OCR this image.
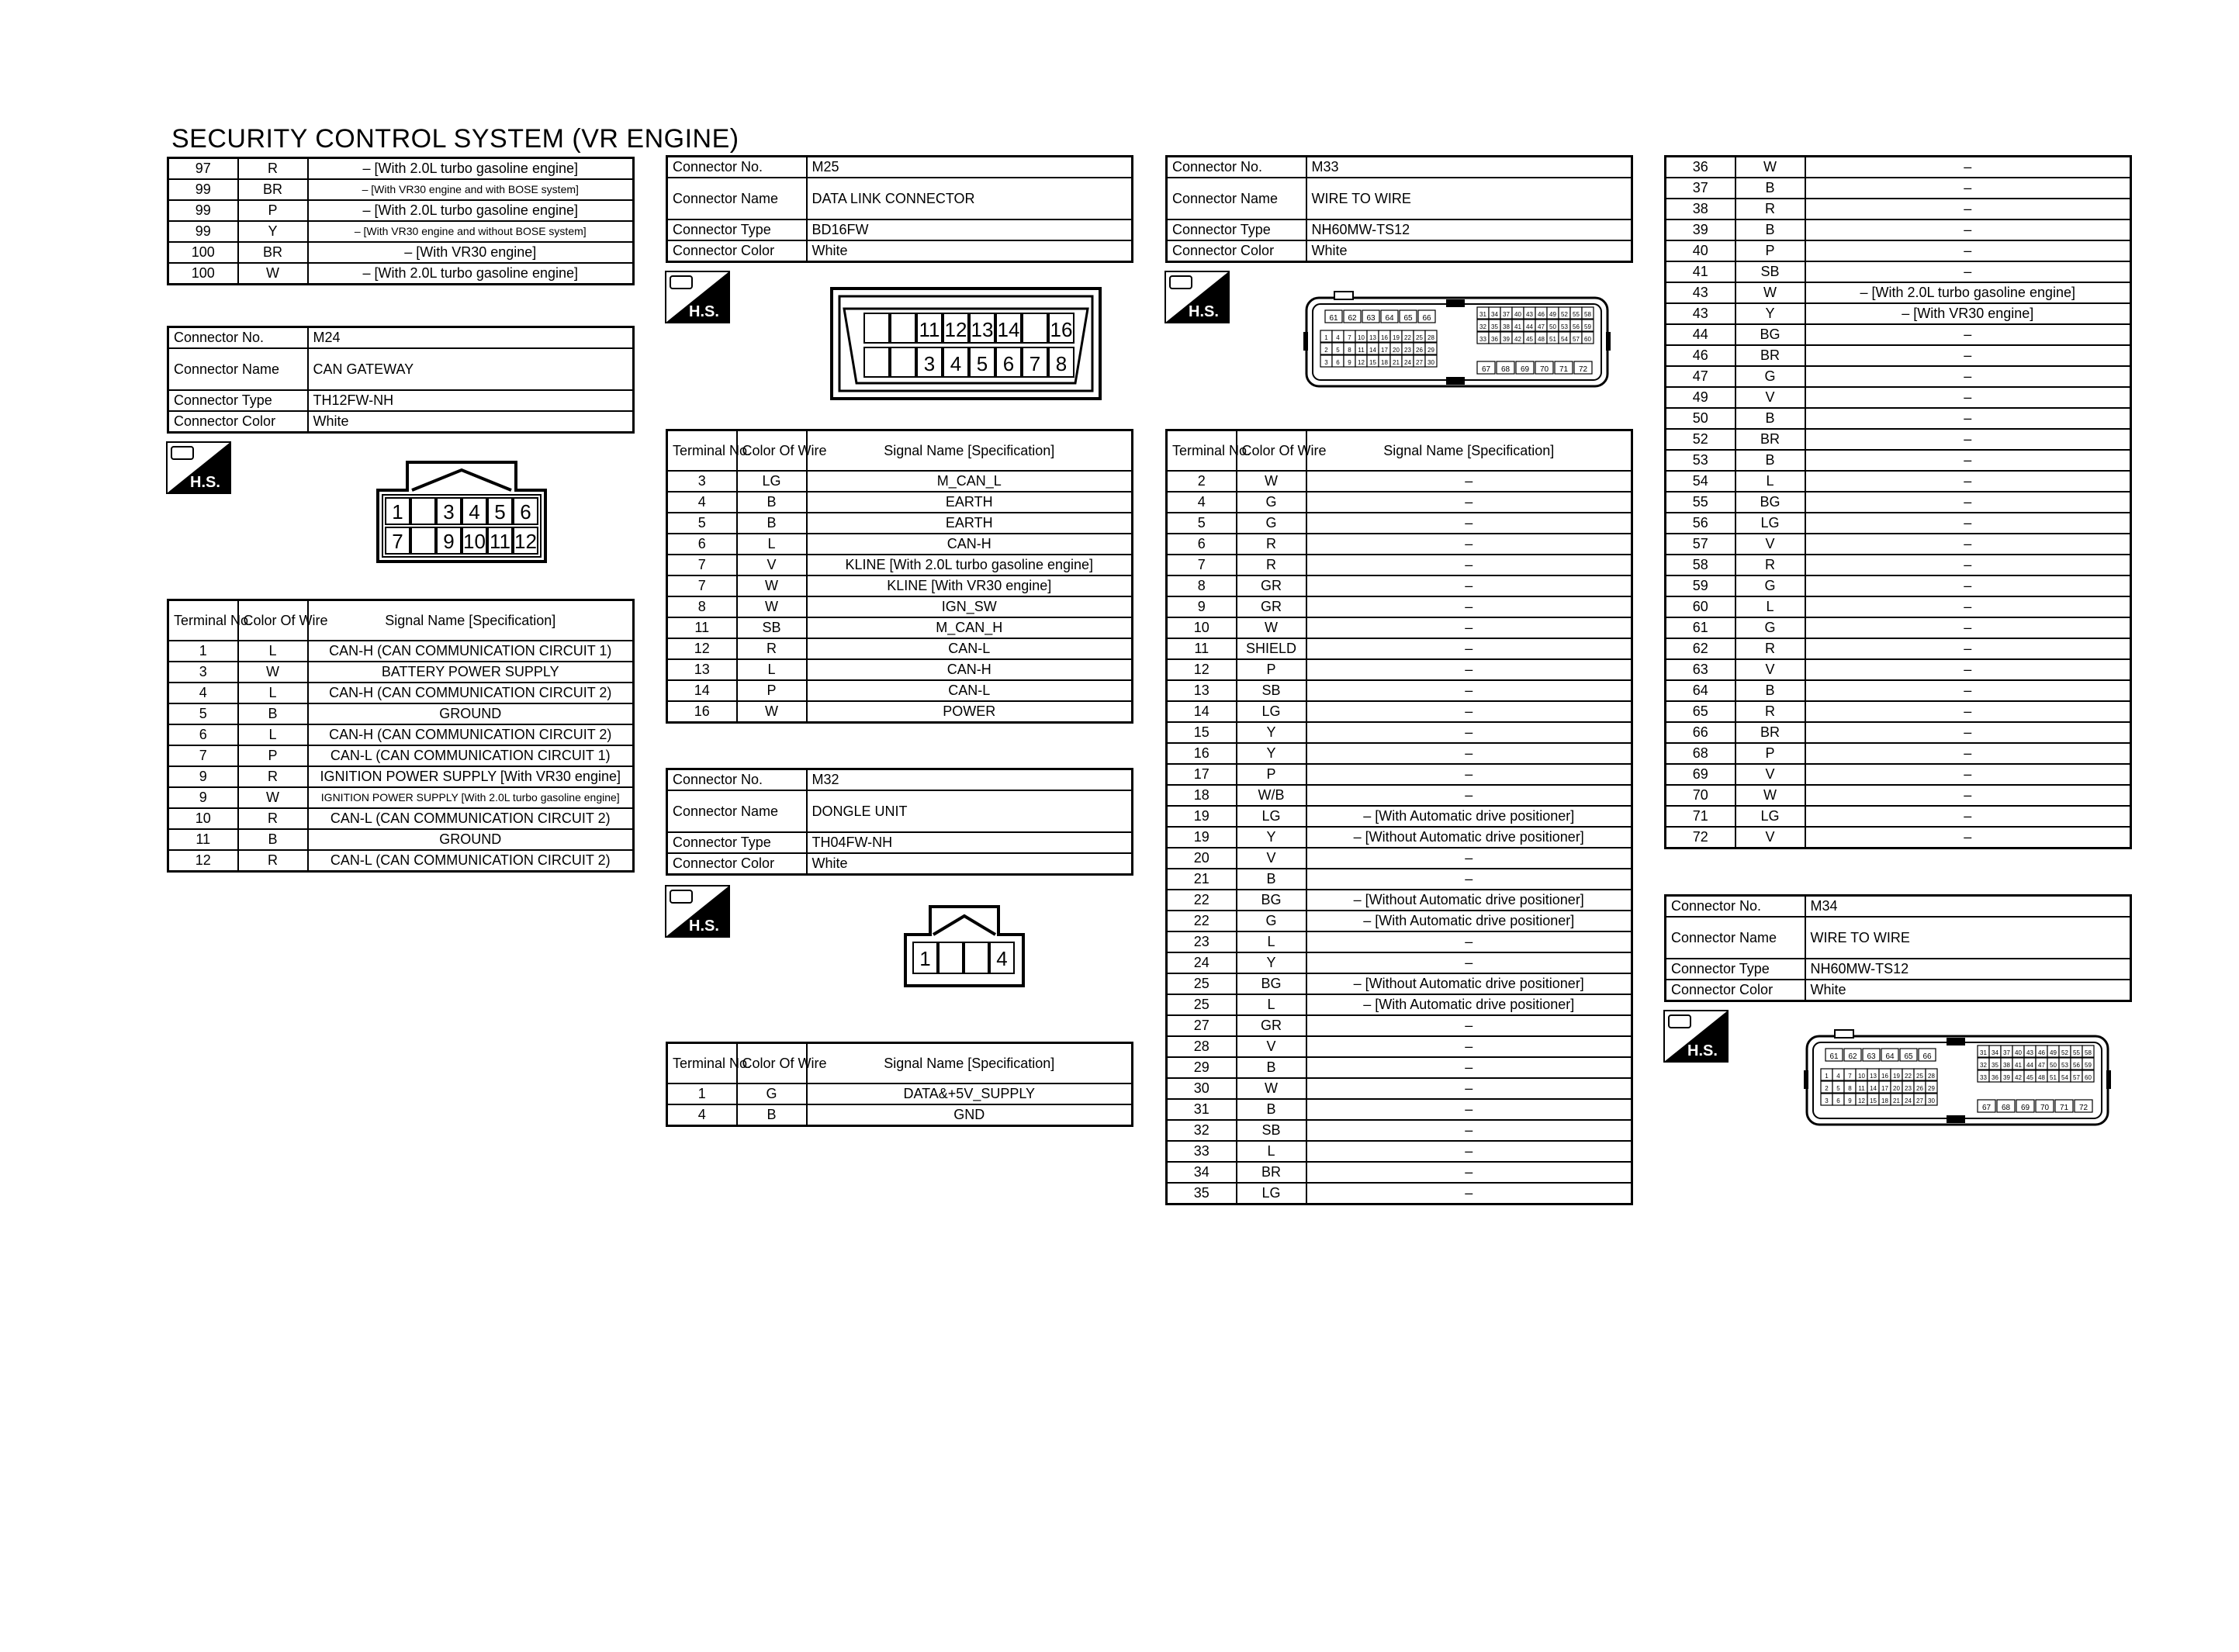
SECURITY CONTROL SYSTEM (VR ENGINE)
97	R	– [With 2.0L turbo gasoline engine]
99	BR	– [With VR30 engine and with BOSE system]
99	P	– [With 2.0L turbo gasoline engine]
99	Y	– [With VR30 engine and without BOSE system]
100	BR	– [With VR30 engine]
100	W	– [With 2.0L turbo gasoline engine]
Connector No.	M24
Connector Name	CAN GATEWAY
Connector Type	TH12FW-NH
Connector Color	White
H.S.
1 3 4 5 6
7 9 10 11 12
Terminal No.	Color Of Wire	Signal Name [Specification]
1	L	CAN-H (CAN COMMUNICATION CIRCUIT 1)
3	W	BATTERY POWER SUPPLY
4	L	CAN-H (CAN COMMUNICATION CIRCUIT 2)
5	B	GROUND
6	L	CAN-H (CAN COMMUNICATION CIRCUIT 2)
7	P	CAN-L (CAN COMMUNICATION CIRCUIT 1)
9	R	IGNITION POWER SUPPLY [With VR30 engine]
9	W	IGNITION POWER SUPPLY [With 2.0L turbo gasoline engine]
10	R	CAN-L (CAN COMMUNICATION CIRCUIT 2)
11	B	GROUND
12	R	CAN-L (CAN COMMUNICATION CIRCUIT 2)
Connector No.	M25
Connector Name	DATA LINK CONNECTOR
Connector Type	BD16FW
Connector Color	White
H.S.
11 12 13 14 16
3 4 5 6 7 8
Terminal No.	Color Of Wire	Signal Name [Specification]
3	LG	M_CAN_L
4	B	EARTH
5	B	EARTH
6	L	CAN-H
7	V	KLINE [With 2.0L turbo gasoline engine]
7	W	KLINE [With VR30 engine]
8	W	IGN_SW
11	SB	M_CAN_H
12	R	CAN-L
13	L	CAN-H
14	P	CAN-L
16	W	POWER
Connector No.	M32
Connector Name	DONGLE UNIT
Connector Type	TH04FW-NH
Connector Color	White
H.S.
1	4
Terminal No.	Color Of Wire	Signal Name [Specification]
1	G	DATA&+5V_SUPPLY
4	B	GND
Connector No.	M33
Connector Name	WIRE TO WIRE
Connector Type	NH60MW-TS12
Connector Color	White
H.S.	61 62 63 64 65 66
1 4 7 10 13 16 19 22 25 28
2 5 8 11 14 17 20 23 26 29
3 6 9 12 15 18 21 24 27 30
31 34 37 40 43 46 49 52 55 58
32 35 38 41 44 47 50 53 56 59
33 36 39 42 45 48 51 54 57 60
67 68 69 70 71 72
Terminal No.	Color Of Wire	Signal Name [Specification]
2	W	–
4	G	–
5	G	–
6	R	–
7	R	–
8	GR	–
9	GR	–
10	W	–
11	SHIELD	–
12	P	–
13	SB	–
14	LG	–
15	Y	–
16	Y	–
17	P	–
18	W/B	–
19	LG	– [With Automatic drive positioner]
19	Y	– [Without Automatic drive positioner]
20	V	–
21	B	–
22	BG	– [Without Automatic drive positioner]
22	G	– [With Automatic drive positioner]
23	L	–
24	Y	–
25	BG	– [Without Automatic drive positioner]
25	L	– [With Automatic drive positioner]
27	GR	–
28	V	–
29	B	–
30	W	–
31	B	–
32	SB	–
33	L	–
34	BR	–
35	LG	–
36	W	–
37	B	–
38	R	–
39	B	–
40	P	–
41	SB	–
43	W	– [With 2.0L turbo gasoline engine]
43	Y	– [With VR30 engine]
44	BG	–
46	BR	–
47	G	–
49	V	–
50	B	–
52	BR	–
53	B	–
54	L	–
55	BG	–
56	LG	–
57	V	–
58	R	–
59	G	–
60	L	–
61	G	–
62	R	–
63	V	–
64	B	–
65	R	–
66	BR	–
68	P	–
69	V	–
70	W	–
71	LG	–
72	V	–
Connector No.	M34
Connector Name	WIRE TO WIRE
Connector Type	NH60MW-TS12
Connector Color	White
H.S.	61 62 63 64 65 66
1 4 7 10 13 16 19 22 25 28
2 5 8 11 14 17 20 23 26 29
3 6 9 12 15 18 21 24 27 30
31 34 37 40 43 46 49 52 55 58
32 35 38 41 44 47 50 53 56 59
33 36 39 42 45 48 51 54 57 60
67 68 69 70 71 72
